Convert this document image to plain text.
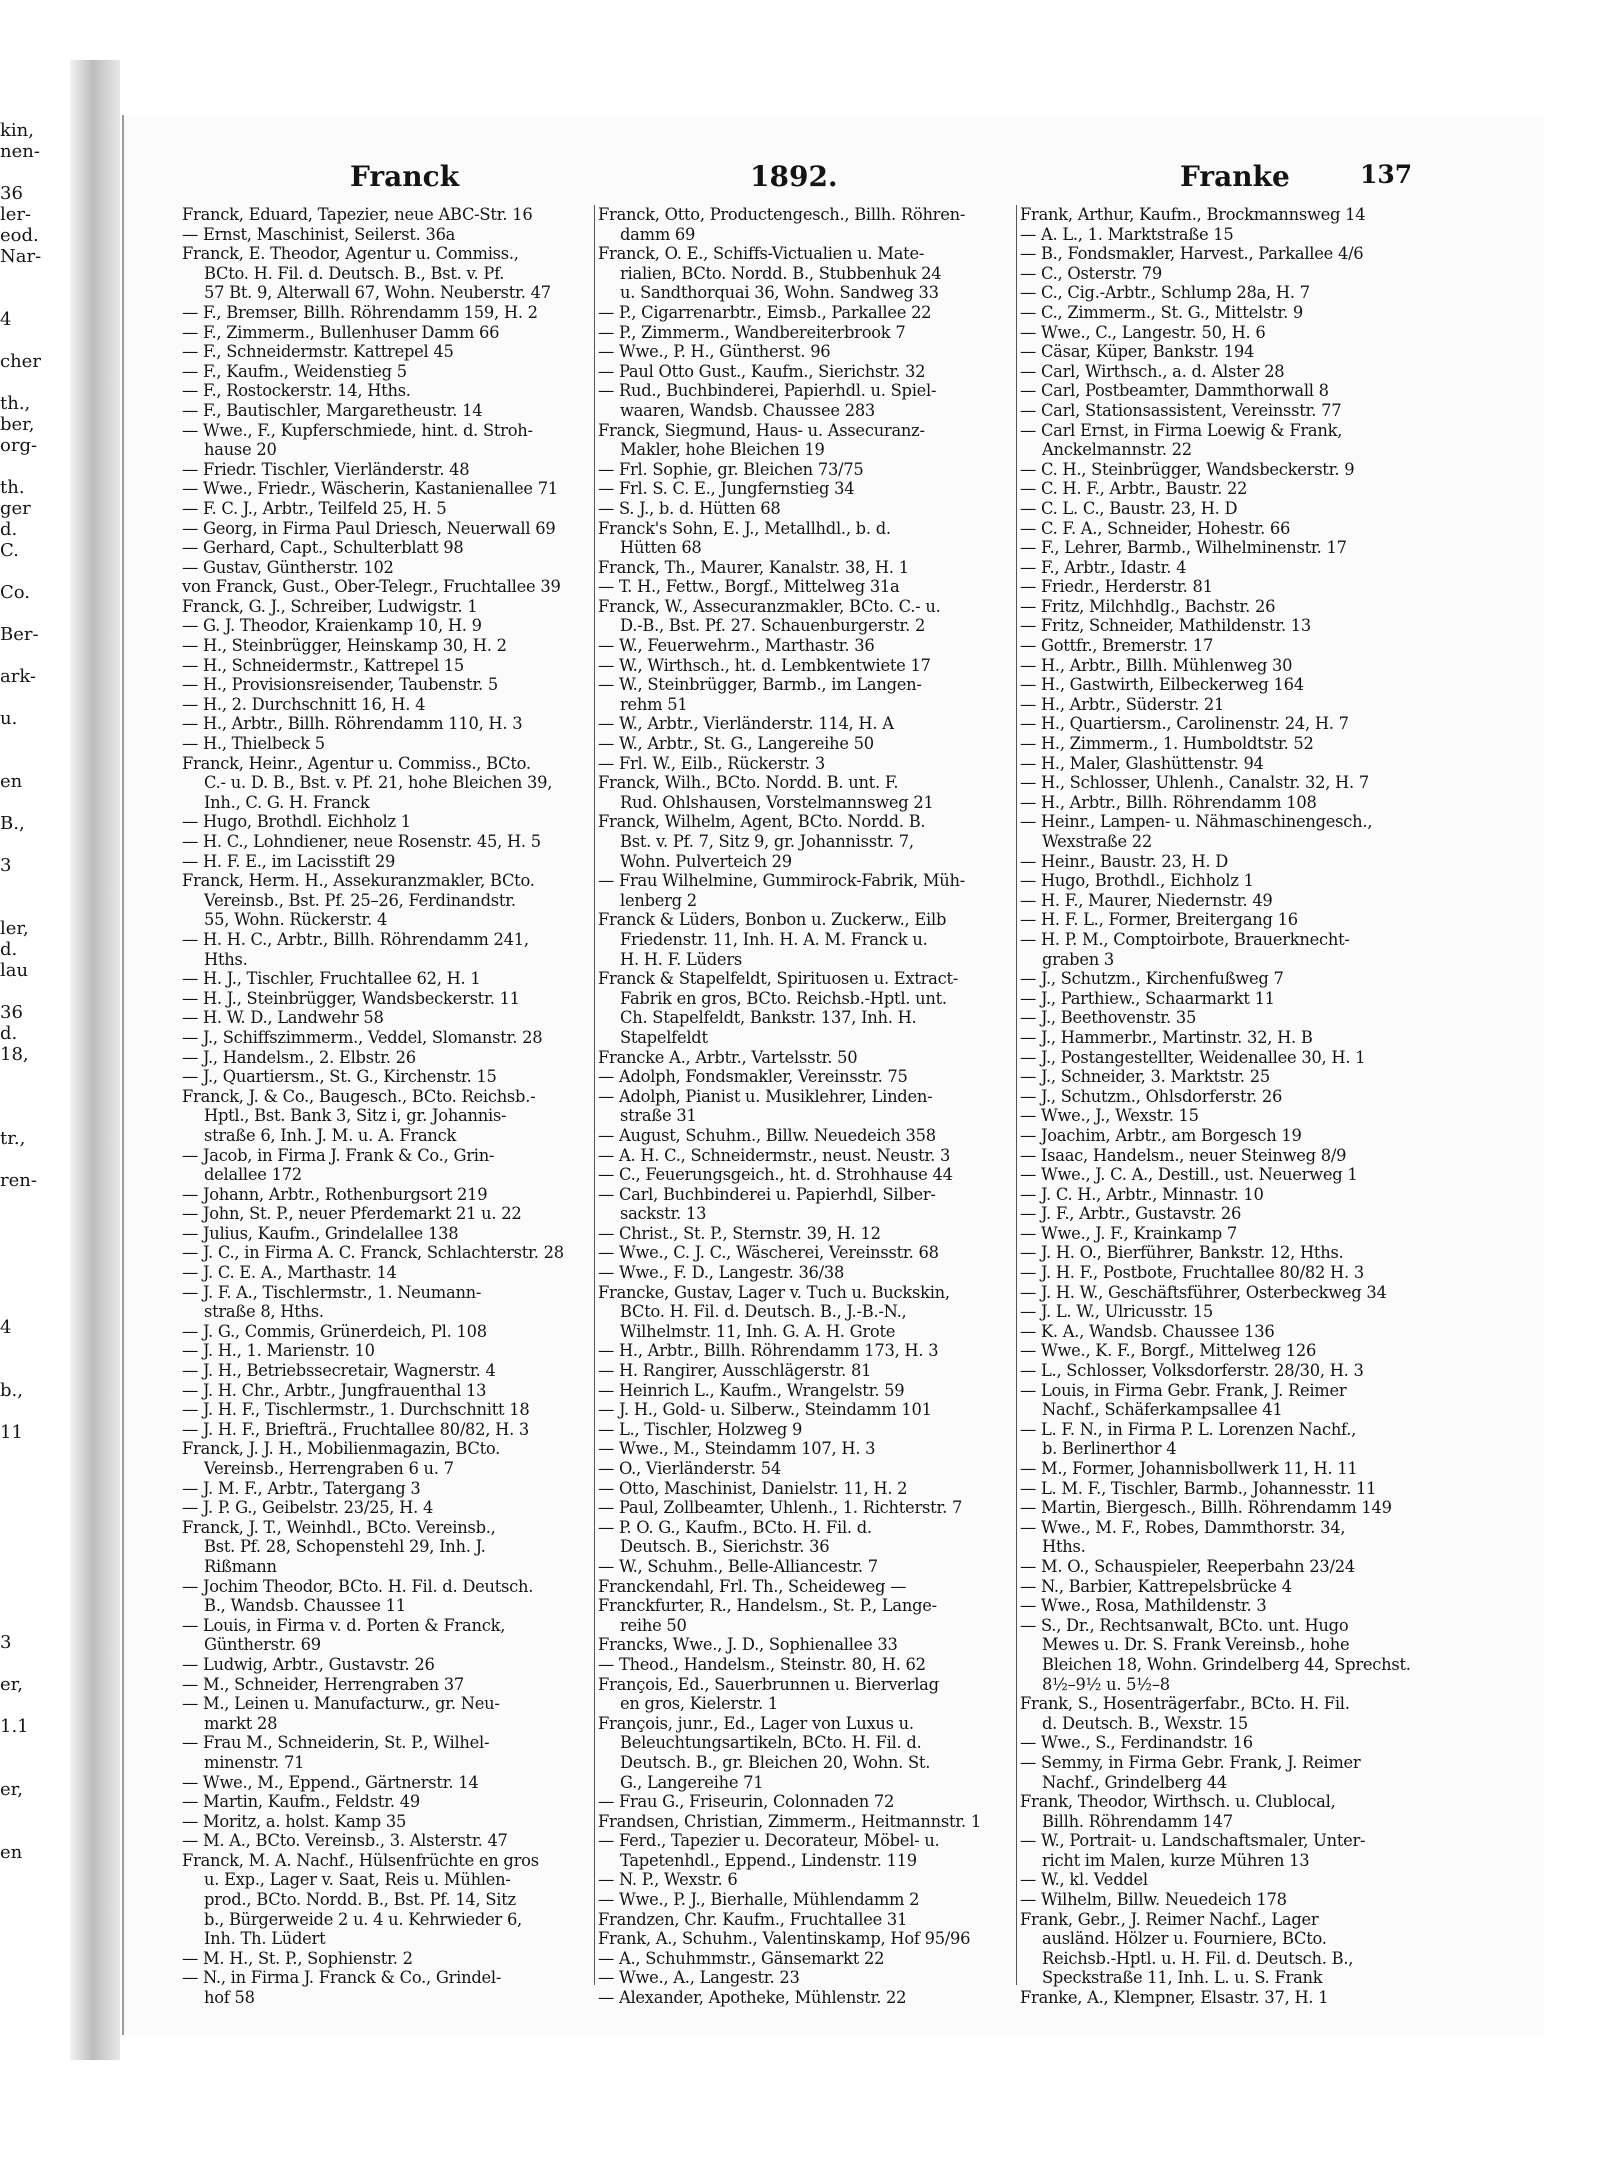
kin,
nen-
36
ler-
eod.
Nar-
4
cher
th.,
ber,
org-
th.
ger
d.
C.
Co.
Ber-
ark-
u.
en
B.,
3
ler,
d.
lau
36
d.
18,
tr.,
ren-
4
b.,
11
3
er,
1.1
er,
en
Franck	1892.	Franke	137
Franck, Eduard, Tapezier, neue ABC-Str. 16
— Ernst, Maschinist, Seilerst. 36a
Franck, E. Theodor, Agentur u. Commiss.,
BCto. H. Fil. d. Deutsch. B., Bst. v. Pf.
57 Bt. 9, Alterwall 67, Wohn. Neuberstr. 47
— F., Bremser, Billh. Röhrendamm 159, H. 2
— F., Zimmerm., Bullenhuser Damm 66
— F., Schneidermstr. Kattrepel 45
— F., Kaufm., Weidenstieg 5
— F., Rostockerstr. 14, Hths.
— F., Bautischler, Margaretheustr. 14
— Wwe., F., Kupferschmiede, hint. d. Stroh-
hause 20
— Friedr. Tischler, Vierländerstr. 48
— Wwe., Friedr., Wäscherin, Kastanienallee 71
— F. C. J., Arbtr., Teilfeld 25, H. 5
— Georg, in Firma Paul Driesch, Neuerwall 69
— Gerhard, Capt., Schulterblatt 98
— Gustav, Güntherstr. 102
von Franck, Gust., Ober-Telegr., Fruchtallee 39
Franck, G. J., Schreiber, Ludwigstr. 1
— G. J. Theodor, Kraienkamp 10, H. 9
— H., Steinbrügger, Heinskamp 30, H. 2
— H., Schneidermstr., Kattrepel 15
— H., Provisionsreisender, Taubenstr. 5
— H., 2. Durchschnitt 16, H. 4
— H., Arbtr., Billh. Röhrendamm 110, H. 3
— H., Thielbeck 5
Franck, Heinr., Agentur u. Commiss., BCto.
C.- u. D. B., Bst. v. Pf. 21, hohe Bleichen 39,
Inh., C. G. H. Franck
— Hugo, Brothdl. Eichholz 1
— H. C., Lohndiener, neue Rosenstr. 45, H. 5
— H. F. E., im Lacisstift 29
Franck, Herm. H., Assekuranzmakler, BCto.
Vereinsb., Bst. Pf. 25–26, Ferdinandstr.
55, Wohn. Rückerstr. 4
— H. H. C., Arbtr., Billh. Röhrendamm 241,
Hths.
— H. J., Tischler, Fruchtallee 62, H. 1
— H. J., Steinbrügger, Wandsbeckerstr. 11
— H. W. D., Landwehr 58
— J., Schiffszimmerm., Veddel, Slomanstr. 28
— J., Handelsm., 2. Elbstr. 26
— J., Quartiersm., St. G., Kirchenstr. 15
Franck, J. & Co., Baugesch., BCto. Reichsb.-
Hptl., Bst. Bank 3, Sitz i, gr. Johannis-
straße 6, Inh. J. M. u. A. Franck
— Jacob, in Firma J. Frank & Co., Grin-
delallee 172
— Johann, Arbtr., Rothenburgsort 219
— John, St. P., neuer Pferdemarkt 21 u. 22
— Julius, Kaufm., Grindelallee 138
— J. C., in Firma A. C. Franck, Schlachterstr. 28
— J. C. E. A., Marthastr. 14
— J. F. A., Tischlermstr., 1. Neumann-
straße 8, Hths.
— J. G., Commis, Grünerdeich, Pl. 108
— J. H., 1. Marienstr. 10
— J. H., Betriebssecretair, Wagnerstr. 4
— J. H. Chr., Arbtr., Jungfrauenthal 13
— J. H. F., Tischlermstr., 1. Durchschnitt 18
— J. H. F., Briefträ., Fruchtallee 80/82, H. 3
Franck, J. J. H., Mobilienmagazin, BCto.
Vereinsb., Herrengraben 6 u. 7
— J. M. F., Arbtr., Tatergang 3
— J. P. G., Geibelstr. 23/25, H. 4
Franck, J. T., Weinhdl., BCto. Vereinsb.,
Bst. Pf. 28, Schopenstehl 29, Inh. J.
Rißmann
— Jochim Theodor, BCto. H. Fil. d. Deutsch.
B., Wandsb. Chaussee 11
— Louis, in Firma v. d. Porten & Franck,
Güntherstr. 69
— Ludwig, Arbtr., Gustavstr. 26
— M., Schneider, Herrengraben 37
— M., Leinen u. Manufacturw., gr. Neu-
markt 28
— Frau M., Schneiderin, St. P., Wilhel-
minenstr. 71
— Wwe., M., Eppend., Gärtnerstr. 14
— Martin, Kaufm., Feldstr. 49
— Moritz, a. holst. Kamp 35
— M. A., BCto. Vereinsb., 3. Alsterstr. 47
Franck, M. A. Nachf., Hülsenfrüchte en gros
u. Exp., Lager v. Saat, Reis u. Mühlen-
prod., BCto. Nordd. B., Bst. Pf. 14, Sitz
b., Bürgerweide 2 u. 4 u. Kehrwieder 6,
Inh. Th. Lüdert
— M. H., St. P., Sophienstr. 2
— N., in Firma J. Franck & Co., Grindel-
hof 58
Franck, Otto, Productengesch., Billh. Röhren-
damm 69
Franck, O. E., Schiffs-Victualien u. Mate-
rialien, BCto. Nordd. B., Stubbenhuk 24
u. Sandthorquai 36, Wohn. Sandweg 33
— P., Cigarrenarbtr., Eimsb., Parkallee 22
— P., Zimmerm., Wandbereiterbrook 7
— Wwe., P. H., Güntherst. 96
— Paul Otto Gust., Kaufm., Sierichstr. 32
— Rud., Buchbinderei, Papierhdl. u. Spiel-
waaren, Wandsb. Chaussee 283
Franck, Siegmund, Haus- u. Assecuranz-
Makler, hohe Bleichen 19
— Frl. Sophie, gr. Bleichen 73/75
— Frl. S. C. E., Jungfernstieg 34
— S. J., b. d. Hütten 68
Franck's Sohn, E. J., Metallhdl., b. d.
Hütten 68
Franck, Th., Maurer, Kanalstr. 38, H. 1
— T. H., Fettw., Borgf., Mittelweg 31a
Franck, W., Assecuranzmakler, BCto. C.- u.
D.-B., Bst. Pf. 27. Schauenburgerstr. 2
— W., Feuerwehrm., Marthastr. 36
— W., Wirthsch., ht. d. Lembkentwiete 17
— W., Steinbrügger, Barmb., im Langen-
rehm 51
— W., Arbtr., Vierländerstr. 114, H. A
— W., Arbtr., St. G., Langereihe 50
— Frl. W., Eilb., Rückerstr. 3
Franck, Wilh., BCto. Nordd. B. unt. F.
Rud. Ohlshausen, Vorstelmannsweg 21
Franck, Wilhelm, Agent, BCto. Nordd. B.
Bst. v. Pf. 7, Sitz 9, gr. Johannisstr. 7,
Wohn. Pulverteich 29
— Frau Wilhelmine, Gummirock-Fabrik, Müh-
lenberg 2
Franck & Lüders, Bonbon u. Zuckerw., Eilb
Friedenstr. 11, Inh. H. A. M. Franck u.
H. H. F. Lüders
Franck & Stapelfeldt, Spirituosen u. Extract-
Fabrik en gros, BCto. Reichsb.-Hptl. unt.
Ch. Stapelfeldt, Bankstr. 137, Inh. H.
Stapelfeldt
Francke A., Arbtr., Vartelsstr. 50
— Adolph, Fondsmakler, Vereinsstr. 75
— Adolph, Pianist u. Musiklehrer, Linden-
straße 31
— August, Schuhm., Billw. Neuedeich 358
— A. H. C., Schneidermstr., neust. Neustr. 3
— C., Feuerungsgeich., ht. d. Strohhause 44
— Carl, Buchbinderei u. Papierhdl, Silber-
sackstr. 13
— Christ., St. P., Sternstr. 39, H. 12
— Wwe., C. J. C., Wäscherei, Vereinsstr. 68
— Wwe., F. D., Langestr. 36/38
Francke, Gustav, Lager v. Tuch u. Buckskin,
BCto. H. Fil. d. Deutsch. B., J.-B.-N.,
Wilhelmstr. 11, Inh. G. A. H. Grote
— H., Arbtr., Billh. Röhrendamm 173, H. 3
— H. Rangirer, Ausschlägerstr. 81
— Heinrich L., Kaufm., Wrangelstr. 59
— J. H., Gold- u. Silberw., Steindamm 101
— L., Tischler, Holzweg 9
— Wwe., M., Steindamm 107, H. 3
— O., Vierländerstr. 54
— Otto, Maschinist, Danielstr. 11, H. 2
— Paul, Zollbeamter, Uhlenh., 1. Richterstr. 7
— P. O. G., Kaufm., BCto. H. Fil. d.
Deutsch. B., Sierichstr. 36
— W., Schuhm., Belle-Alliancestr. 7
Franckendahl, Frl. Th., Scheideweg —
Franckfurter, R., Handelsm., St. P., Lange-
reihe 50
Francks, Wwe., J. D., Sophienallee 33
— Theod., Handelsm., Steinstr. 80, H. 62
François, Ed., Sauerbrunnen u. Bierverlag
en gros, Kielerstr. 1
François, junr., Ed., Lager von Luxus u.
Beleuchtungsartikeln, BCto. H. Fil. d.
Deutsch. B., gr. Bleichen 20, Wohn. St.
G., Langereihe 71
— Frau G., Friseurin, Colonnaden 72
Frandsen, Christian, Zimmerm., Heitmannstr. 1
— Ferd., Tapezier u. Decorateur, Möbel- u.
Tapetenhdl., Eppend., Lindenstr. 119
— N. P., Wexstr. 6
— Wwe., P. J., Bierhalle, Mühlendamm 2
Frandzen, Chr. Kaufm., Fruchtallee 31
Frank, A., Schuhm., Valentinskamp, Hof 95/96
— A., Schuhmmstr., Gänsemarkt 22
— Wwe., A., Langestr. 23
— Alexander, Apotheke, Mühlenstr. 22
Frank, Arthur, Kaufm., Brockmannsweg 14
— A. L., 1. Marktstraße 15
— B., Fondsmakler, Harvest., Parkallee 4/6
— C., Osterstr. 79
— C., Cig.-Arbtr., Schlump 28a, H. 7
— C., Zimmerm., St. G., Mittelstr. 9
— Wwe., C., Langestr. 50, H. 6
— Cäsar, Küper, Bankstr. 194
— Carl, Wirthsch., a. d. Alster 28
— Carl, Postbeamter, Dammthorwall 8
— Carl, Stationsassistent, Vereinsstr. 77
— Carl Ernst, in Firma Loewig & Frank,
Anckelmannstr. 22
— C. H., Steinbrügger, Wandsbeckerstr. 9
— C. H. F., Arbtr., Baustr. 22
— C. L. C., Baustr. 23, H. D
— C. F. A., Schneider, Hohestr. 66
— F., Lehrer, Barmb., Wilhelminenstr. 17
— F., Arbtr., Idastr. 4
— Friedr., Herderstr. 81
— Fritz, Milchhdlg., Bachstr. 26
— Fritz, Schneider, Mathildenstr. 13
— Gottfr., Bremerstr. 17
— H., Arbtr., Billh. Mühlenweg 30
— H., Gastwirth, Eilbeckerweg 164
— H., Arbtr., Süderstr. 21
— H., Quartiersm., Carolinenstr. 24, H. 7
— H., Zimmerm., 1. Humboldtstr. 52
— H., Maler, Glashüttenstr. 94
— H., Schlosser, Uhlenh., Canalstr. 32, H. 7
— H., Arbtr., Billh. Röhrendamm 108
— Heinr., Lampen- u. Nähmaschinengesch.,
Wexstraße 22
— Heinr., Baustr. 23, H. D
— Hugo, Brothdl., Eichholz 1
— H. F., Maurer, Niedernstr. 49
— H. F. L., Former, Breitergang 16
— H. P. M., Comptoirbote, Brauerknecht-
graben 3
— J., Schutzm., Kirchenfußweg 7
— J., Parthiew., Schaarmarkt 11
— J., Beethovenstr. 35
— J., Hammerbr., Martinstr. 32, H. B
— J., Postangestellter, Weidenallee 30, H. 1
— J., Schneider, 3. Marktstr. 25
— J., Schutzm., Ohlsdorferstr. 26
— Wwe., J., Wexstr. 15
— Joachim, Arbtr., am Borgesch 19
— Isaac, Handelsm., neuer Steinweg 8/9
— Wwe., J. C. A., Destill., ust. Neuerweg 1
— J. C. H., Arbtr., Minnastr. 10
— J. F., Arbtr., Gustavstr. 26
— Wwe., J. F., Krainkamp 7
— J. H. O., Bierführer, Bankstr. 12, Hths.
— J. H. F., Postbote, Fruchtallee 80/82 H. 3
— J. H. W., Geschäftsführer, Osterbeckweg 34
— J. L. W., Ulricusstr. 15
— K. A., Wandsb. Chaussee 136
— Wwe., K. F., Borgf., Mittelweg 126
— L., Schlosser, Volksdorferstr. 28/30, H. 3
— Louis, in Firma Gebr. Frank, J. Reimer
Nachf., Schäferkampsallee 41
— L. F. N., in Firma P. L. Lorenzen Nachf.,
b. Berlinerthor 4
— M., Former, Johannisbollwerk 11, H. 11
— L. M. F., Tischler, Barmb., Johannesstr. 11
— Martin, Biergesch., Billh. Röhrendamm 149
— Wwe., M. F., Robes, Dammthorstr. 34,
Hths.
— M. O., Schauspieler, Reeperbahn 23/24
— N., Barbier, Kattrepelsbrücke 4
— Wwe., Rosa, Mathildenstr. 3
— S., Dr., Rechtsanwalt, BCto. unt. Hugo
Mewes u. Dr. S. Frank Vereinsb., hohe
Bleichen 18, Wohn. Grindelberg 44, Sprechst.
8½–9½ u. 5½–8
Frank, S., Hosenträgerfabr., BCto. H. Fil.
d. Deutsch. B., Wexstr. 15
— Wwe., S., Ferdinandstr. 16
— Semmy, in Firma Gebr. Frank, J. Reimer
Nachf., Grindelberg 44
Frank, Theodor, Wirthsch. u. Clublocal,
Billh. Röhrendamm 147
— W., Portrait- u. Landschaftsmaler, Unter-
richt im Malen, kurze Mühren 13
— W., kl. Veddel
— Wilhelm, Billw. Neuedeich 178
Frank, Gebr., J. Reimer Nachf., Lager
ausländ. Hölzer u. Fourniere, BCto.
Reichsb.-Hptl. u. H. Fil. d. Deutsch. B.,
Speckstraße 11, Inh. L. u. S. Frank
Franke, A., Klempner, Elsastr. 37, H. 1
